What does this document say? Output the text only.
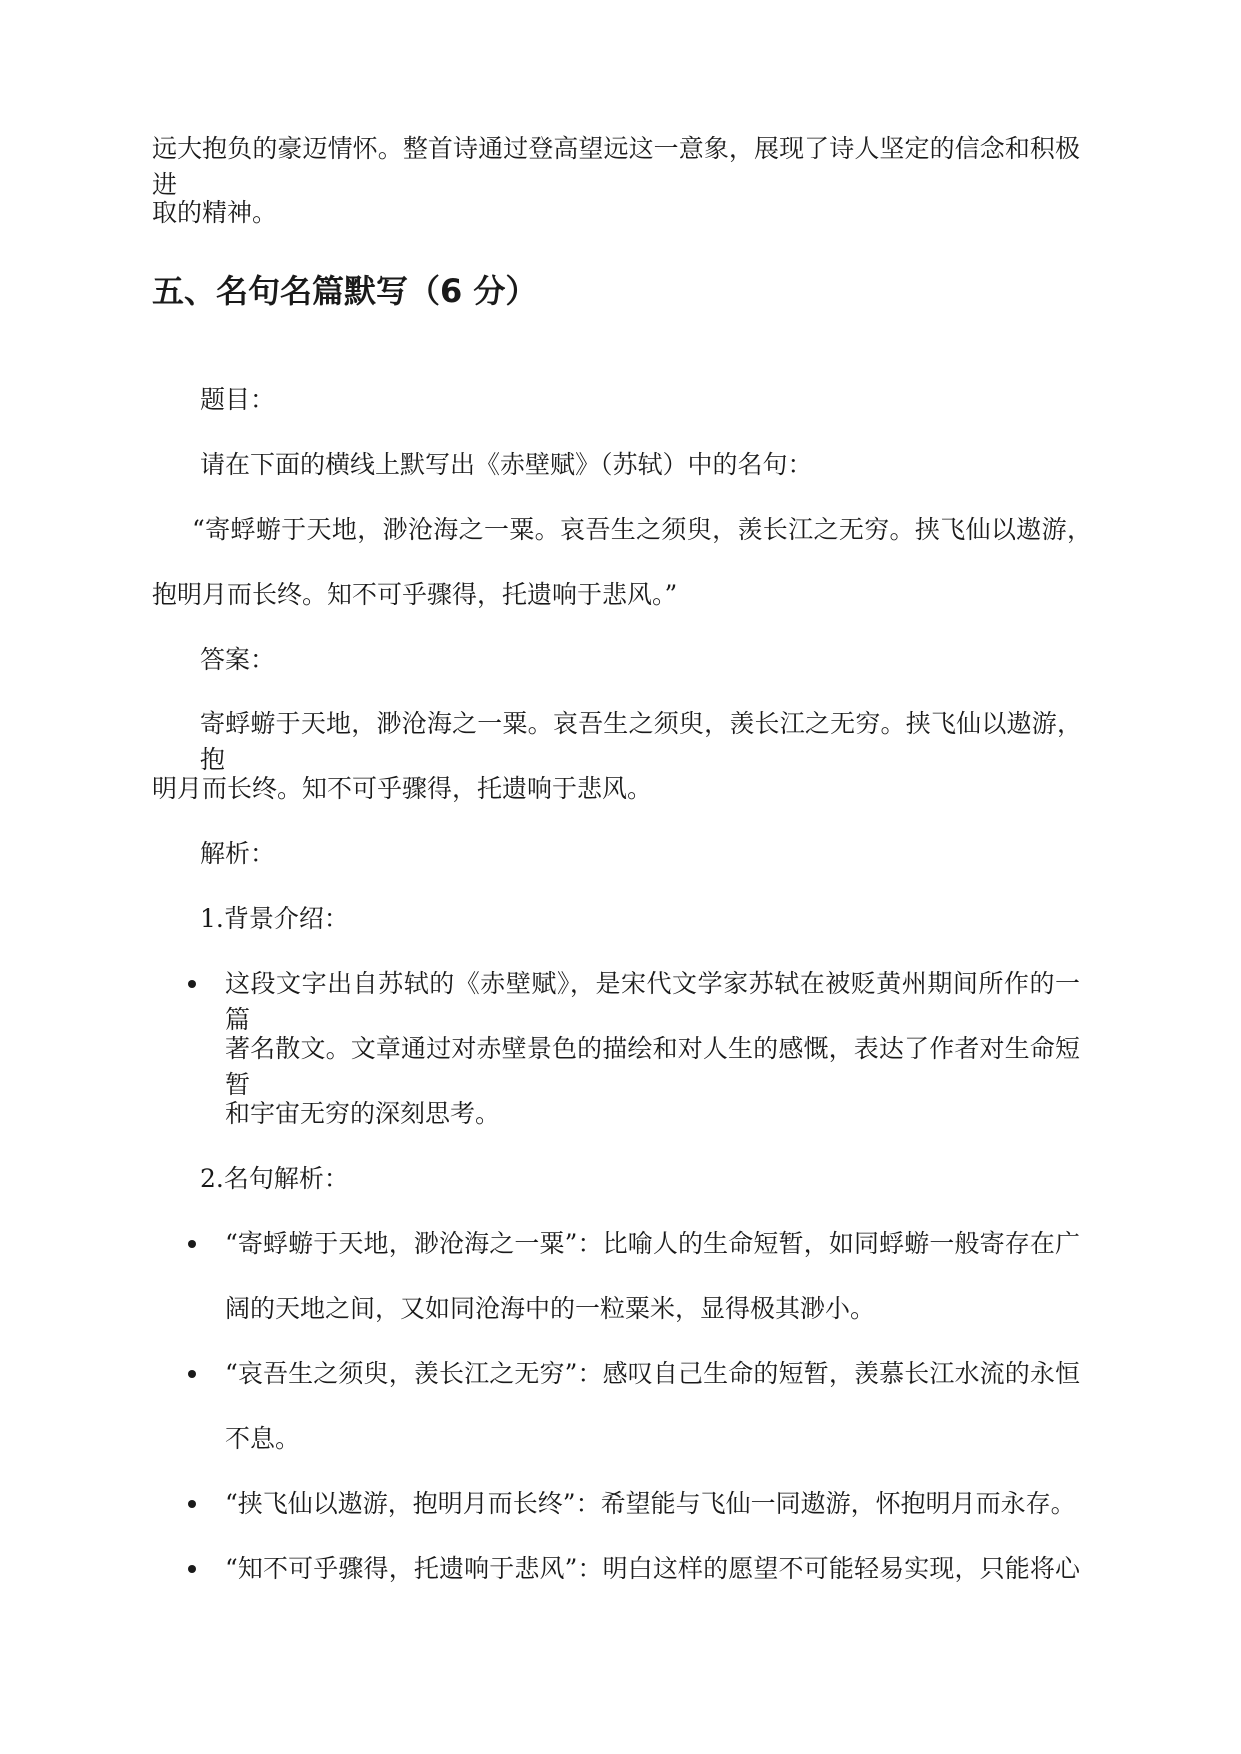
远大抱负的豪迈情怀。整首诗通过登高望远这一意象，展现了诗人坚定的信念和积极进

取的精神。

五、名句名篇默写（6 分）

题目：

请在下面的横线上默写出《赤壁赋》（苏轼）中的名句：

“寄蜉蝣于天地，渺沧海之一粟。哀吾生之须臾，羡长江之无穷。挟飞仙以遨游，

抱明月而长终。知不可乎骤得，托遗响于悲风。”

答案：

寄蜉蝣于天地，渺沧海之一粟。哀吾生之须臾，羡长江之无穷。挟飞仙以遨游，抱

明月而长终。知不可乎骤得，托遗响于悲风。

解析：

1.背景介绍：

这段文字出自苏轼的《赤壁赋》，是宋代文学家苏轼在被贬黄州期间所作的一篇

著名散文。文章通过对赤壁景色的描绘和对人生的感慨，表达了作者对生命短暂

和宇宙无穷的深刻思考。

2.名句解析：

“寄蜉蝣于天地，渺沧海之一粟”：比喻人的生命短暂，如同蜉蝣一般寄存在广

阔的天地之间，又如同沧海中的一粒粟米，显得极其渺小。

“哀吾生之须臾，羡长江之无穷”：感叹自己生命的短暂，羡慕长江水流的永恒

不息。

“挟飞仙以遨游，抱明月而长终”：希望能与飞仙一同遨游，怀抱明月而永存。

“知不可乎骤得，托遗响于悲风”：明白这样的愿望不可能轻易实现，只能将心
